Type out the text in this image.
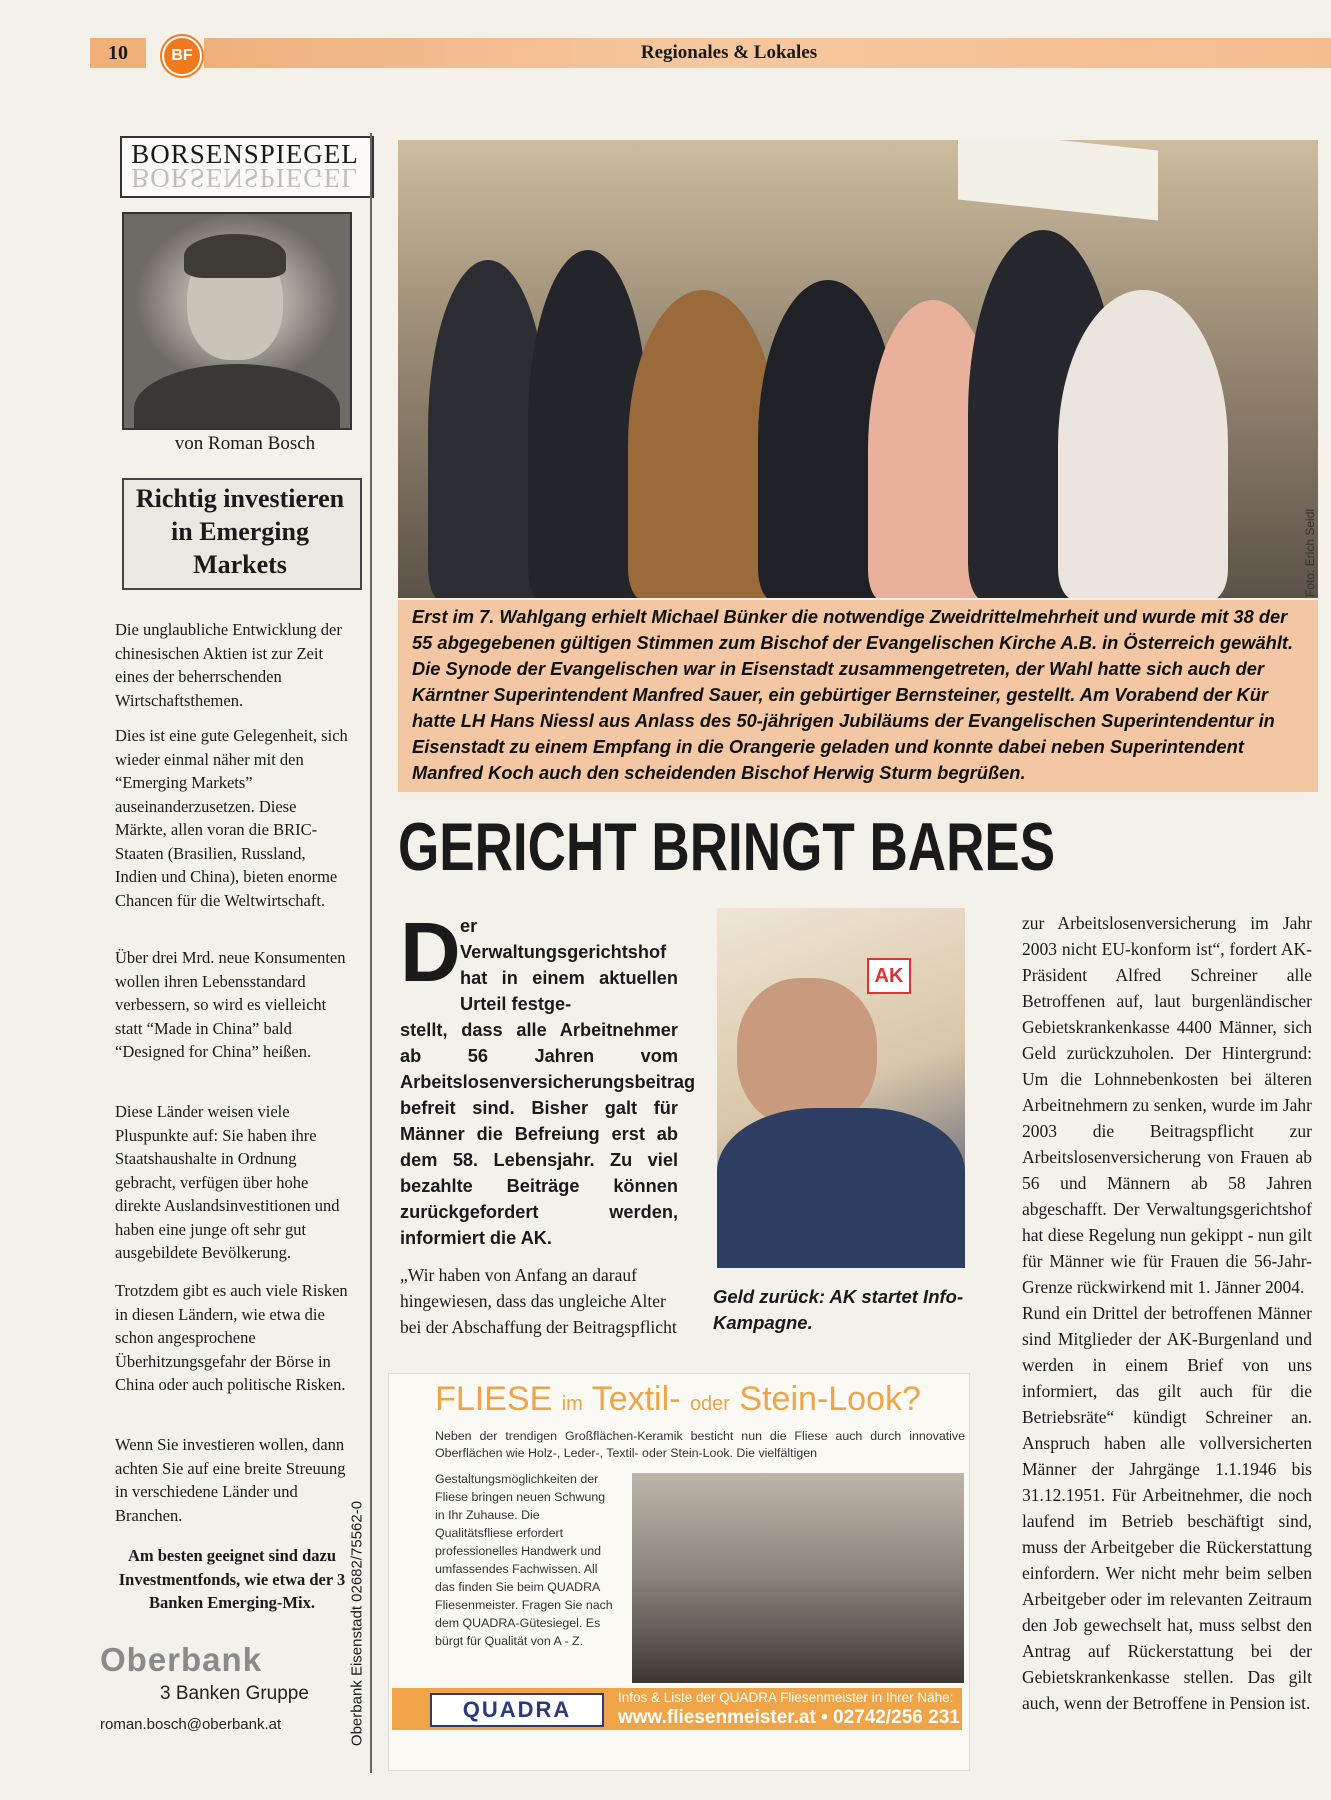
10	BF	Regionales & Lokales
BORSENSPIEGEL
BORSENSPIEGEL
von Roman Bosch
Richtig investieren in Emerging Markets
Die unglaubliche Entwicklung der chinesischen Aktien ist zur Zeit eines der beherrschenden Wirtschaftsthemen.
Dies ist eine gute Gelegenheit, sich wieder einmal näher mit den “Emerging Markets” auseinanderzusetzen. Diese Märkte, allen voran die BRIC-Staaten (Brasilien, Russland, Indien und China), bieten enorme Chancen für die Weltwirtschaft.
Über drei Mrd. neue Konsumenten wollen ihren Lebensstandard verbessern, so wird es vielleicht statt “Made in China” bald “Designed for China” heißen.
Diese Länder weisen viele Pluspunkte auf: Sie haben ihre Staatshaushalte in Ordnung gebracht, verfügen über hohe direkte Auslandsinvestitionen und haben eine junge oft sehr gut ausgebildete Bevölkerung.
Trotzdem gibt es auch viele Risken in diesen Ländern, wie etwa die schon angesprochene Überhitzungsgefahr der Börse in China oder auch politische Risken.
Wenn Sie investieren wollen, dann achten Sie auf eine breite Streuung in verschiedene Länder und Branchen.
Am besten geeignet sind dazu Investmentfonds, wie etwa der 3 Banken Emerging-Mix.
Oberbank
3 Banken Gruppe
roman.bosch@oberbank.at	Oberbank Eisenstadt 02682/75562-0
Foto: Erich Seidl
Erst im 7. Wahlgang erhielt Michael Bünker die notwendige Zweidrittelmehrheit und wurde mit 38 der 55 abgegebenen gültigen Stimmen zum Bischof der Evangelischen Kirche A.B. in Österreich gewählt. Die Synode der Evangelischen war in Eisenstadt zusammengetreten, der Wahl hatte sich auch der Kärntner Superintendent Manfred Sauer, ein gebürtiger Bernsteiner, gestellt. Am Vorabend der Kür hatte LH Hans Niessl aus Anlass des 50-jährigen Jubiläums der Evangelischen Superintendentur in Eisenstadt zu einem Empfang in die Orangerie geladen und konnte dabei neben Superintendent Manfred Koch auch den scheidenden Bischof Herwig Sturm begrüßen.
GERICHT BRINGT BARES
D er Verwaltungsgerichtshof hat in einem aktuellen Urteil festge-
stellt, dass alle Arbeitnehmer ab 56 Jahren vom Arbeitslosenversicherungsbeitrag befreit sind. Bisher galt für Männer die Befreiung erst ab dem 58. Lebensjahr. Zu viel bezahlte Beiträge können zurückgefordert werden, informiert die AK.
„Wir haben von Anfang an darauf hingewiesen, dass das ungleiche Alter bei der Abschaffung der Beitragspflicht
AK
Geld zurück: AK startet Info-Kampagne.
zur Arbeitslosenversicherung im Jahr 2003 nicht EU-konform ist“, fordert AK-Präsident Alfred Schreiner alle Betroffenen auf, laut burgenländischer Gebietskrankenkasse 4400 Männer, sich Geld zurückzuholen. Der Hintergrund: Um die Lohnnebenkosten bei älteren Arbeitnehmern zu senken, wurde im Jahr 2003 die Beitragspflicht zur Arbeitslosenversicherung von Frauen ab 56 und Männern ab 58 Jahren abgeschafft. Der Verwaltungsgerichtshof hat diese Regelung nun gekippt - nun gilt für Männer wie für Frauen die 56-Jahr-Grenze rückwirkend mit 1. Jänner 2004.
Rund ein Drittel der betroffenen Männer sind Mitglieder der AK-Burgenland und werden in einem Brief von uns informiert, das gilt auch für die Betriebsräte“ kündigt Schreiner an. Anspruch haben alle vollversicherten Männer der Jahrgänge 1.1.1946 bis 31.12.1951. Für Arbeitnehmer, die noch laufend im Betrieb beschäftigt sind, muss der Arbeitgeber die Rückerstattung einfordern. Wer nicht mehr beim selben Arbeitgeber oder im relevanten Zeitraum den Job gewechselt hat, muss selbst den Antrag auf Rückerstattung bei der Gebietskrankenkasse stellen. Das gilt auch, wenn der Betroffene in Pension ist.
FLIESE im Textil- oder Stein-Look?
Neben der trendigen Großflächen-Keramik besticht nun die Fliese auch durch innovative Oberflächen wie Holz-, Leder-, Textil- oder Stein-Look. Die vielfältigen
Gestaltungsmöglichkeiten der Fliese bringen neuen Schwung in Ihr Zuhause. Die Qualitätsfliese erfordert professionelles Handwerk und umfassendes Fachwissen. All das finden Sie beim QUADRA Fliesenmeister. Fragen Sie nach dem QUADRA-Gütesiegel. Es bürgt für Qualität von A - Z.
QUADRA	Infos & Liste der QUADRA Fliesenmeister in Ihrer Nähe:
www.fliesenmeister.at • 02742/256 231
